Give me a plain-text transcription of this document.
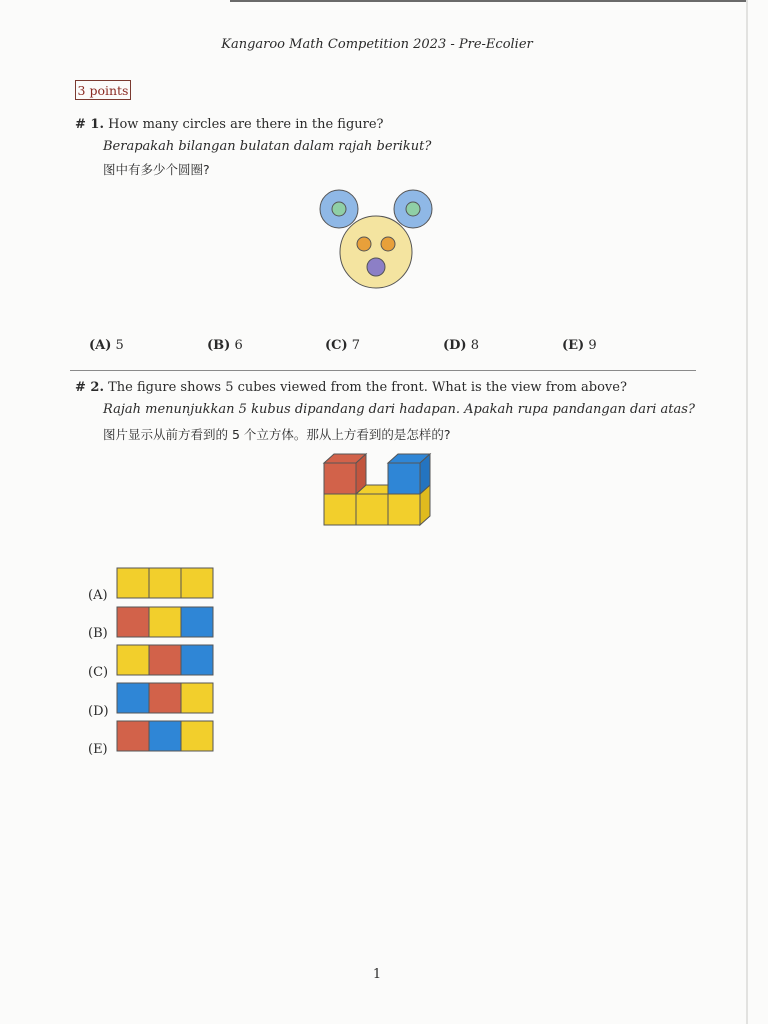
Kangaroo Math Competition 2023 - Pre-Ecolier
3 points
# 1. How many circles are there in the figure?
Berapakah bilangan bulatan dalam rajah berikut?
图中有多少个圆圈?
(A) 5	(B) 6	(C) 7	(D) 8	(E) 9
# 2. The figure shows 5 cubes viewed from the front. What is the view from above?
Rajah menunjukkan 5 kubus dipandang dari hadapan. Apakah rupa pandangan dari atas?
图片显示从前方看到的 5 个立方体。那从上方看到的是怎样的?
(A)
(B)
(C)
(D)
(E)
1
